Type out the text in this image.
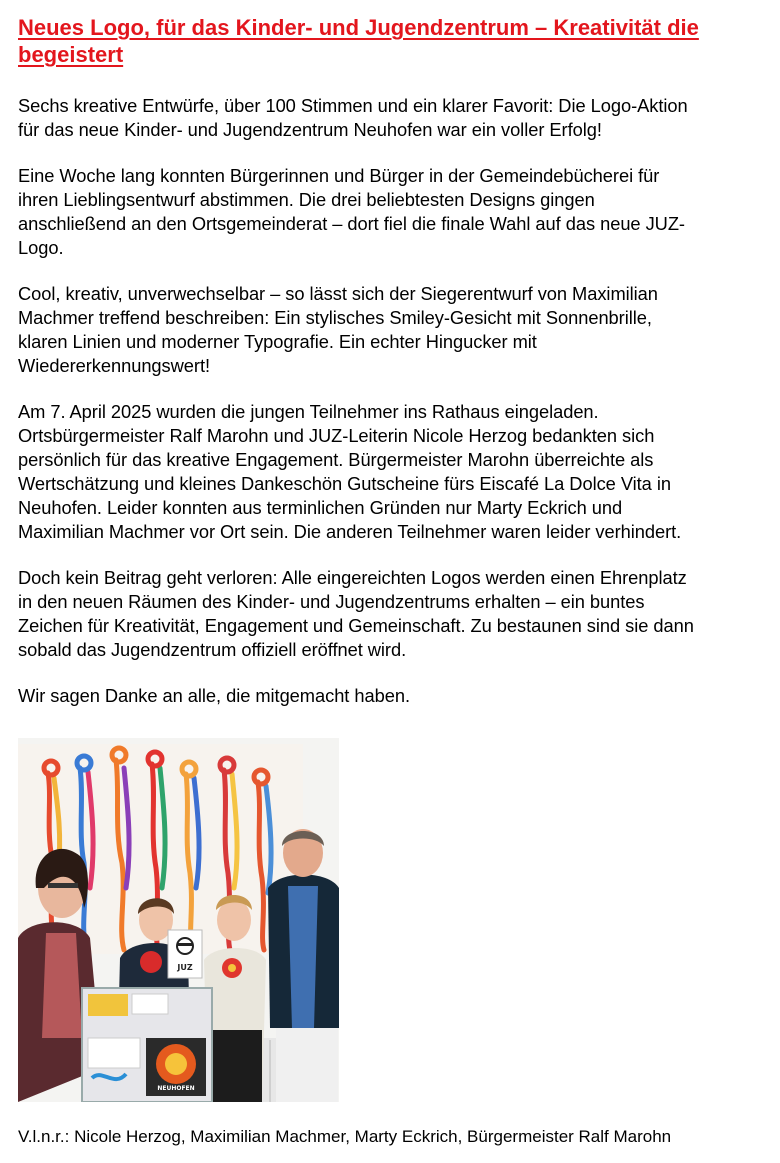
Neues Logo, für das Kinder- und Jugendzentrum – Kreativität die begeistert

Sechs kreative Entwürfe, über 100 Stimmen und ein klarer Favorit: Die Logo-Aktion
für das neue Kinder- und Jugendzentrum Neuhofen war ein voller Erfolg!

Eine Woche lang konnten Bürgerinnen und Bürger in der Gemeindebücherei für
ihren Lieblingsentwurf abstimmen. Die drei beliebtesten Designs gingen
anschließend an den Ortsgemeinderat – dort fiel die finale Wahl auf das neue JUZ-
Logo.

Cool, kreativ, unverwechselbar – so lässt sich der Siegerentwurf von Maximilian
Machmer treffend beschreiben: Ein stylisches Smiley-Gesicht mit Sonnenbrille,
klaren Linien und moderner Typografie. Ein echter Hingucker mit
Wiedererkennungswert!

Am 7. April 2025 wurden die jungen Teilnehmer ins Rathaus eingeladen.
Ortsbürgermeister Ralf Marohn und JUZ-Leiterin Nicole Herzog bedankten sich
persönlich für das kreative Engagement. Bürgermeister Marohn überreichte als
Wertschätzung und kleines Dankeschön Gutscheine fürs Eiscafé La Dolce Vita in
Neuhofen. Leider konnten aus terminlichen Gründen nur Marty Eckrich und
Maximilian Machmer vor Ort sein. Die anderen Teilnehmer waren leider verhindert.

Doch kein Beitrag geht verloren: Alle eingereichten Logos werden einen Ehrenplatz
in den neuen Räumen des Kinder- und Jugendzentrums erhalten – ein buntes
Zeichen für Kreativität, Engagement und Gemeinschaft. Zu bestaunen sind sie dann
sobald das Jugendzentrum offiziell eröffnet wird.

Wir sagen Danke an alle, die mitgemacht haben.

JUZ
NEUHOFEN
V.l.n.r.: Nicole Herzog, Maximilian Machmer, Marty Eckrich, Bürgermeister Ralf Marohn
